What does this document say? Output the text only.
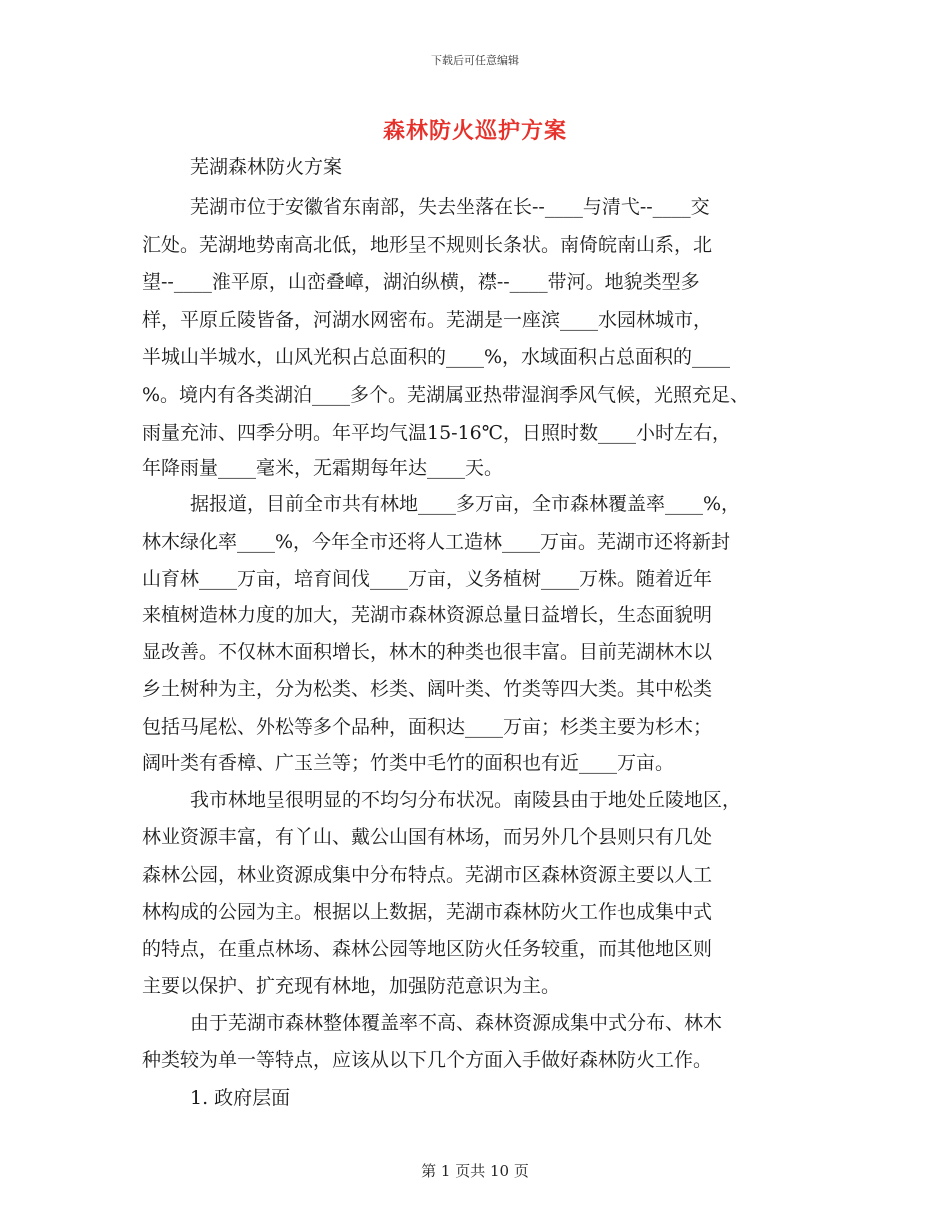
下载后可任意编辑
森林防火巡护方案
芜湖森林防火方案
芜湖市位于安徽省东南部，失去坐落在长--____与清弋--____交
汇处。芜湖地势南高北低，地形呈不规则长条状。南倚皖南山系，北
望--____淮平原，山峦叠嶂，湖泊纵横，襟--____带河。地貌类型多
样，平原丘陵皆备，河湖水网密布。芜湖是一座滨____水园林城市，
半城山半城水，山风光积占总面积的____%，水域面积占总面积的____
%。境内有各类湖泊____多个。芜湖属亚热带湿润季风气候，光照充足、
雨量充沛、四季分明。年平均气温15-16℃，日照时数____小时左右，
年降雨量____毫米，无霜期每年达____天。
据报道，目前全市共有林地____多万亩，全市森林覆盖率____%，
林木绿化率____%，今年全市还将人工造林____万亩。芜湖市还将新封
山育林____万亩，培育间伐____万亩，义务植树____万株。随着近年
来植树造林力度的加大，芜湖市森林资源总量日益增长，生态面貌明
显改善。不仅林木面积增长，林木的种类也很丰富。目前芜湖林木以
乡土树种为主，分为松类、杉类、阔叶类、竹类等四大类。其中松类
包括马尾松、外松等多个品种，面积达____万亩；杉类主要为杉木；
阔叶类有香樟、广玉兰等；竹类中毛竹的面积也有近____万亩。
我市林地呈很明显的不均匀分布状况。南陵县由于地处丘陵地区，
林业资源丰富，有丫山、戴公山国有林场，而另外几个县则只有几处
森林公园，林业资源成集中分布特点。芜湖市区森林资源主要以人工
林构成的公园为主。根据以上数据，芜湖市森林防火工作也成集中式
的特点，在重点林场、森林公园等地区防火任务较重，而其他地区则
主要以保护、扩充现有林地，加强防范意识为主。
由于芜湖市森林整体覆盖率不高、森林资源成集中式分布、林木
种类较为单一等特点，应该从以下几个方面入手做好森林防火工作。
1. 政府层面
第 1 页共 10 页
